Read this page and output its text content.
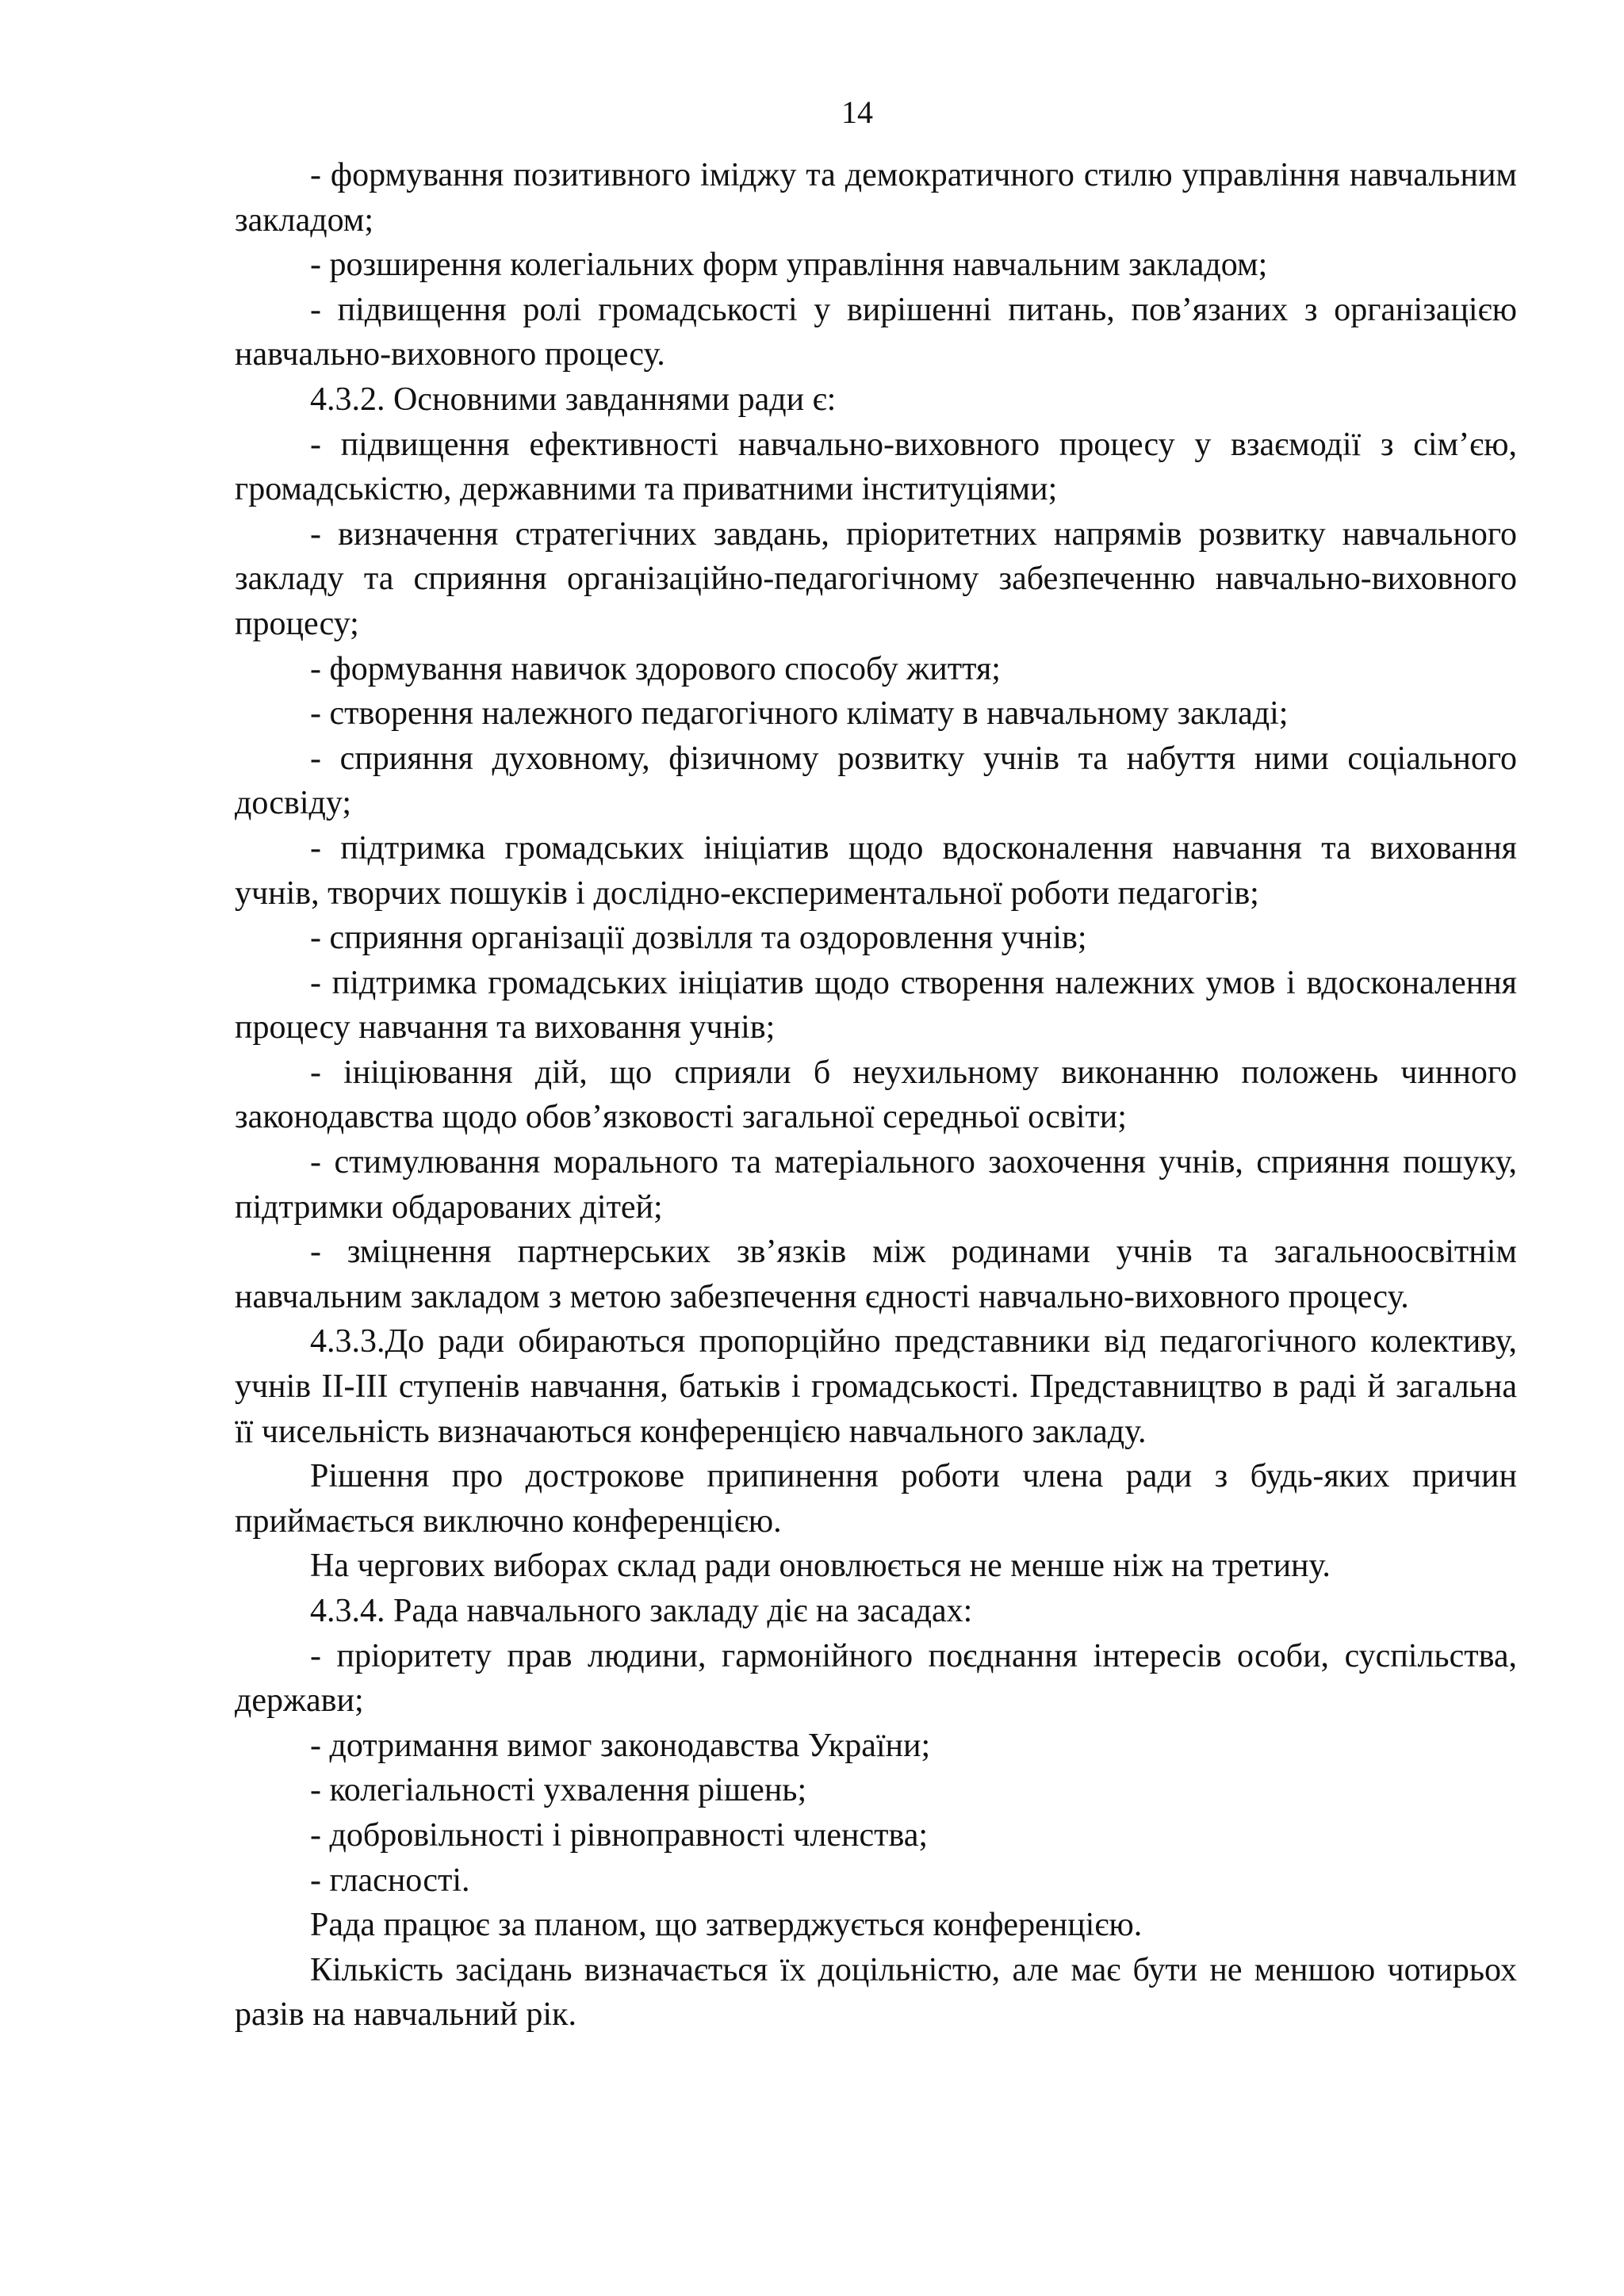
14

- формування позитивного іміджу та демократичного стилю управління навчальним закладом;

- розширення колегіальних форм управління навчальним закладом;

- підвищення ролі громадськості у вирішенні питань, пов’язаних з організацією навчально-виховного процесу.

4.3.2. Основними завданнями ради є:

- підвищення ефективності навчально-виховного процесу у взаємодії з сім’єю, громадськістю, державними та приватними інституціями;

- визначення стратегічних завдань, пріоритетних напрямів розвитку навчального закладу та сприяння організаційно-педагогічному забезпеченню навчально-виховного процесу;

- формування навичок здорового способу життя;

- створення належного педагогічного клімату в навчальному закладі;

- сприяння духовному, фізичному розвитку учнів та набуття ними соціального досвіду;

- підтримка громадських ініціатив щодо вдосконалення навчання та виховання учнів, творчих пошуків і дослідно-експериментальної роботи педагогів;

- сприяння організації дозвілля та оздоровлення учнів;

- підтримка громадських ініціатив щодо створення належних умов і вдосконалення процесу навчання та виховання учнів;

- ініціювання дій, що сприяли б неухильному виконанню положень чинного законодавства щодо обов’язковості загальної середньої освіти;

- стимулювання морального та матеріального заохочення учнів, сприяння пошуку, підтримки обдарованих дітей;

- зміцнення партнерських зв’язків між родинами учнів та загальноосвітнім навчальним закладом з метою забезпечення єдності навчально-виховного процесу.

4.3.3.До ради обираються пропорційно представники від педагогічного колективу, учнів ІІ-ІІІ ступенів навчання, батьків і громадськості. Представництво в раді й загальна її чисельність визначаються конференцією навчального закладу.

Рішення про дострокове припинення роботи члена ради з будь-яких причин приймається виключно конференцією.

На чергових виборах склад ради оновлюється не менше ніж на третину.

4.3.4. Рада навчального закладу діє на засадах:

- пріоритету прав людини, гармонійного поєднання інтересів особи, суспільства, держави;

- дотримання вимог законодавства України;

- колегіальності ухвалення рішень;

- добровільності і рівноправності членства;

- гласності.

Рада працює за планом, що затверджується конференцією.

Кількість засідань визначається їх доцільністю, але має бути не меншою чотирьох разів на навчальний рік.
